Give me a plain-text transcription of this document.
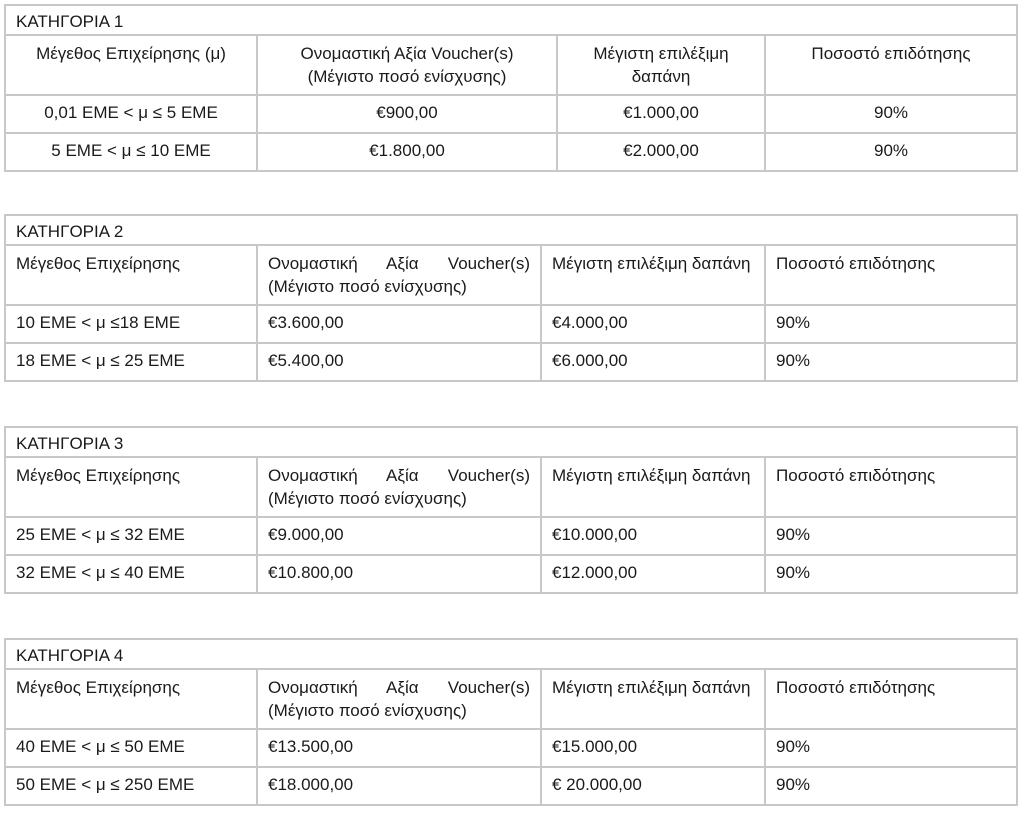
ΚΑΤΗΓΟΡΙΑ 1			

Μέγεθος Επιχείρησης (μ)	Ονομαστική Αξία Voucher(s) (Μέγιστο ποσό ενίσχυσης)	Μέγιστη επιλέξιμη δαπάνη	Ποσοστό επιδότησης

0,01 ΕΜΕ < μ ≤ 5 ΕΜΕ	€900,00	€1.000,00	90%

5 ΕΜΕ < μ ≤ 10 ΕΜΕ	€1.800,00	€2.000,00	90%
ΚΑΤΗΓΟΡΙΑ 2			

Μέγεθος Επιχείρησης	Ονομαστική Αξία Voucher(s) (Μέγιστο ποσό ενίσχυσης)	Μέγιστη επιλέξιμη δαπάνη	Ποσοστό επιδότησης

10 ΕΜΕ < μ ≤18 ΕΜΕ	€3.600,00	€4.000,00	90%

18 ΕΜΕ < μ ≤ 25 ΕΜΕ	€5.400,00	€6.000,00	90%
ΚΑΤΗΓΟΡΙΑ 3			

Μέγεθος Επιχείρησης	Ονομαστική Αξία Voucher(s) (Μέγιστο ποσό ενίσχυσης)	Μέγιστη επιλέξιμη δαπάνη	Ποσοστό επιδότησης

25 ΕΜΕ < μ ≤ 32 ΕΜΕ	€9.000,00	€10.000,00	90%

32 ΕΜΕ < μ ≤ 40 ΕΜΕ	€10.800,00	€12.000,00	90%
ΚΑΤΗΓΟΡΙΑ 4			

Μέγεθος Επιχείρησης	Ονομαστική Αξία Voucher(s) (Μέγιστο ποσό ενίσχυσης)	Μέγιστη επιλέξιμη δαπάνη	Ποσοστό επιδότησης

40 ΕΜΕ < μ ≤ 50 ΕΜΕ	€13.500,00	€15.000,00	90%

50 ΕΜΕ < μ ≤ 250 ΕΜΕ	€18.000,00	€ 20.000,00	90%
